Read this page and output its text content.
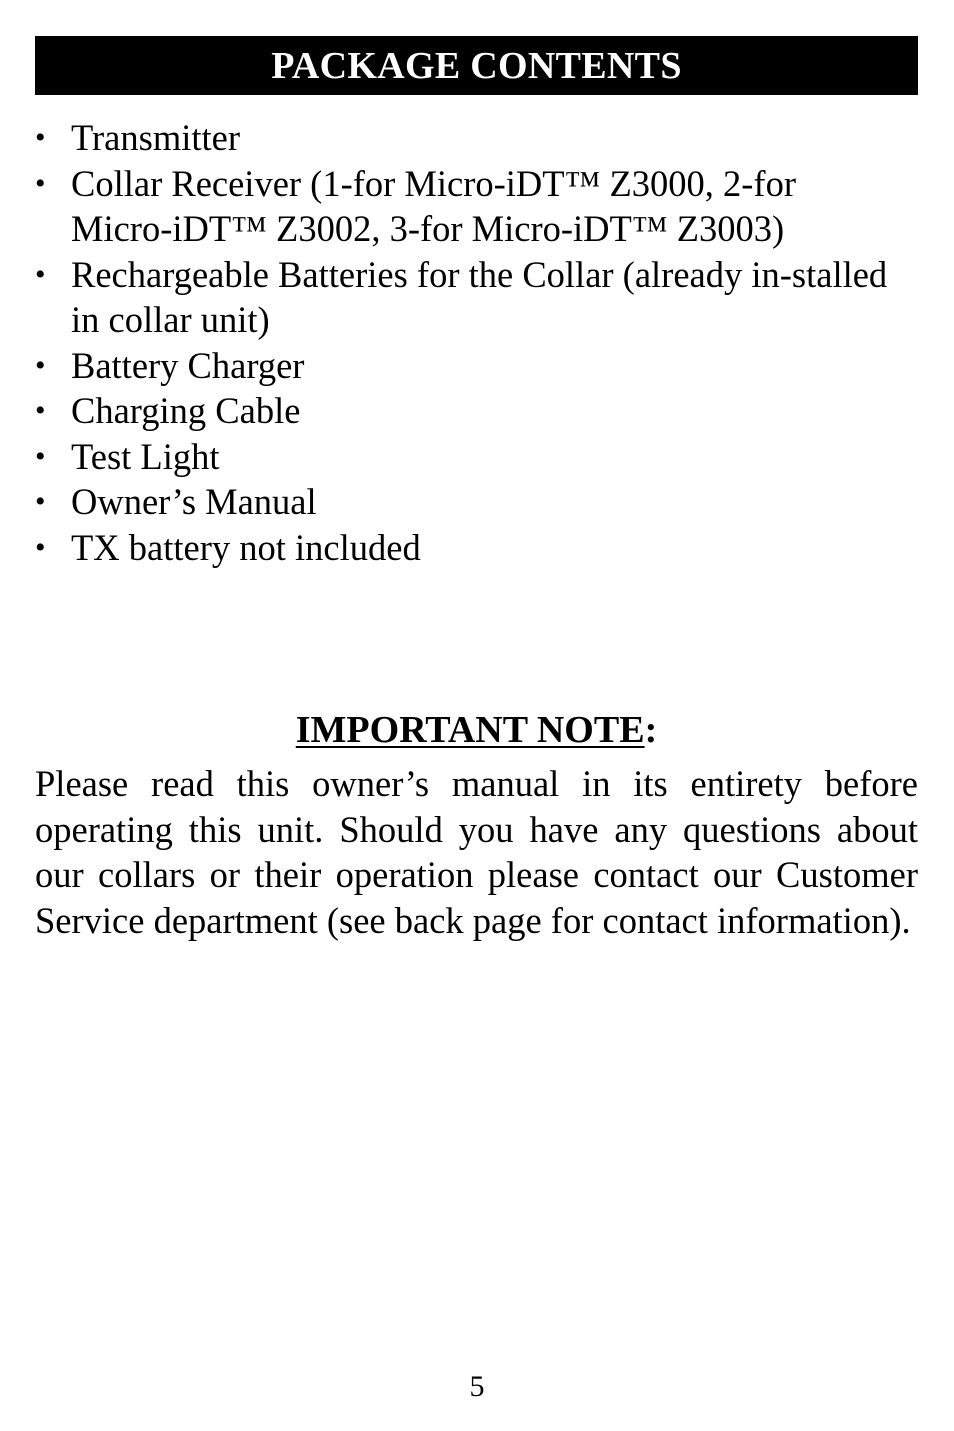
PACKAGE CONTENTS
• Transmitter
• Collar Receiver (1-for Micro-iDT™ Z3000, 2-for Micro-iDT™ Z3002, 3-for Micro-iDT™ Z3003)
• Rechargeable Batteries for the Collar (already in-stalled in collar unit)
• Battery Charger
• Charging Cable
• Test Light
• Owner’s Manual
• TX battery not included
IMPORTANT NOTE:

Please read this owner’s manual in its entirety before operating this unit. Should you have any questions about our collars or their operation please contact our Customer Service department (see back page for contact information).

5
